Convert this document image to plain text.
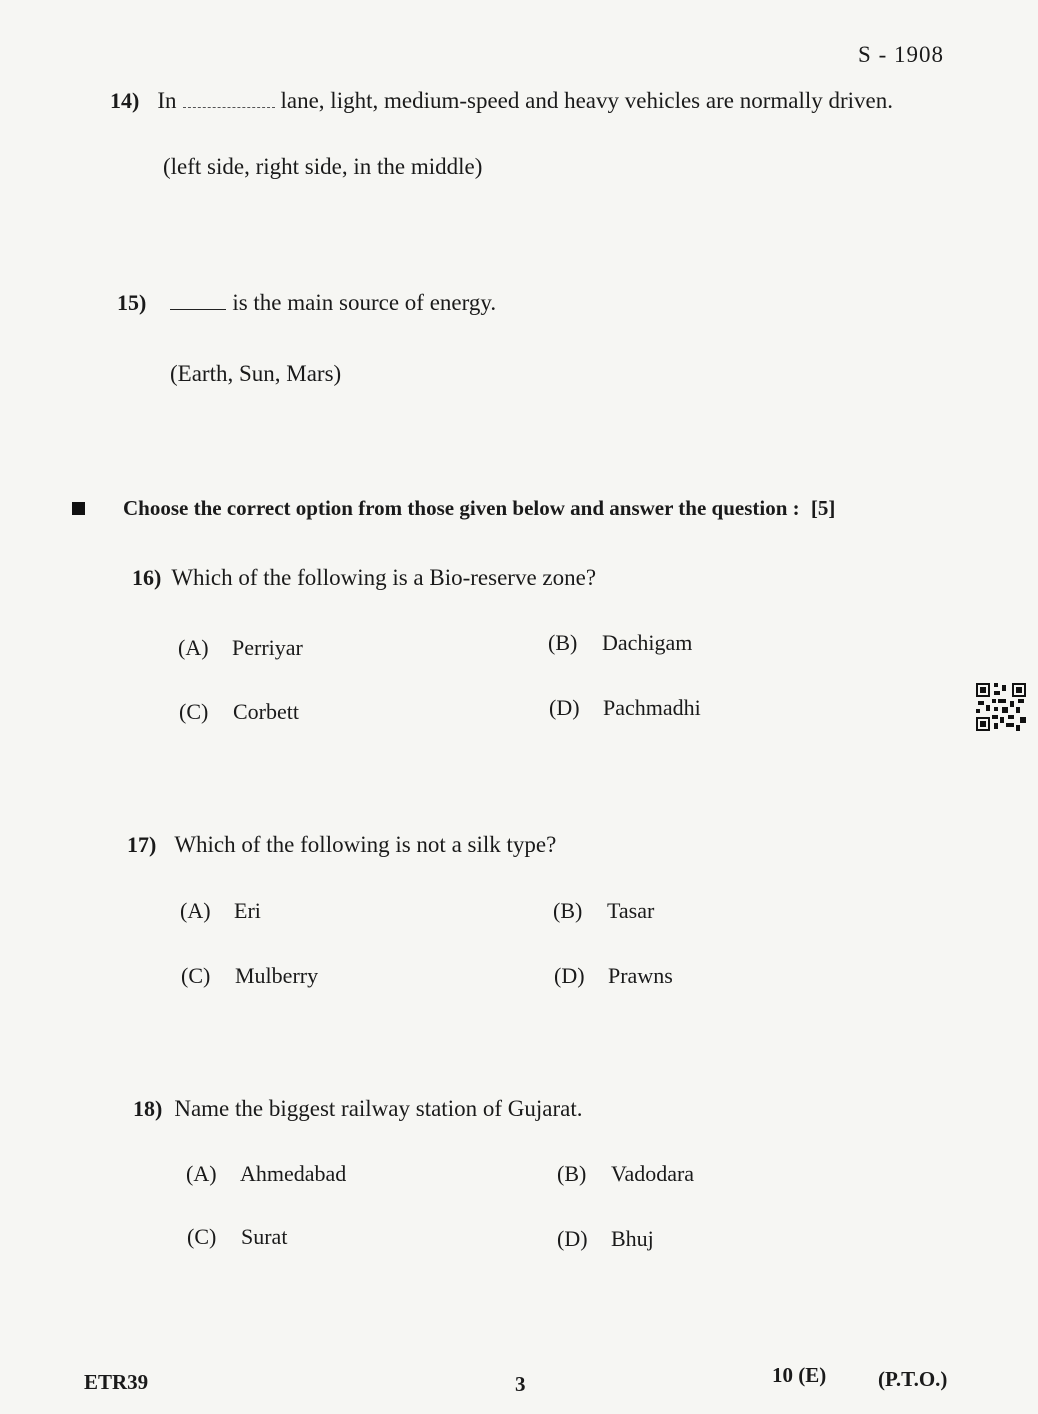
S - 1908
14) In	lane, light, medium-speed and heavy vehicles are normally driven.
(left side, right side, in the middle)
15)	is the main source of energy.
(Earth, Sun, Mars)
Choose the correct option from those given below and answer the question : [5]
16) Which of the following is a Bio-reserve zone?
(A) Perriyar	(B) Dachigam
(C) Corbett	(D) Pachmadhi
17) Which of the following is not a silk type?
(A) Eri	(B) Tasar
(C) Mulberry	(D) Prawns
18) Name the biggest railway station of Gujarat.
(A) Ahmedabad	(B) Vadodara
(C) Surat	(D) Bhuj
ETR39	3	10 (E) (P.T.O.)
